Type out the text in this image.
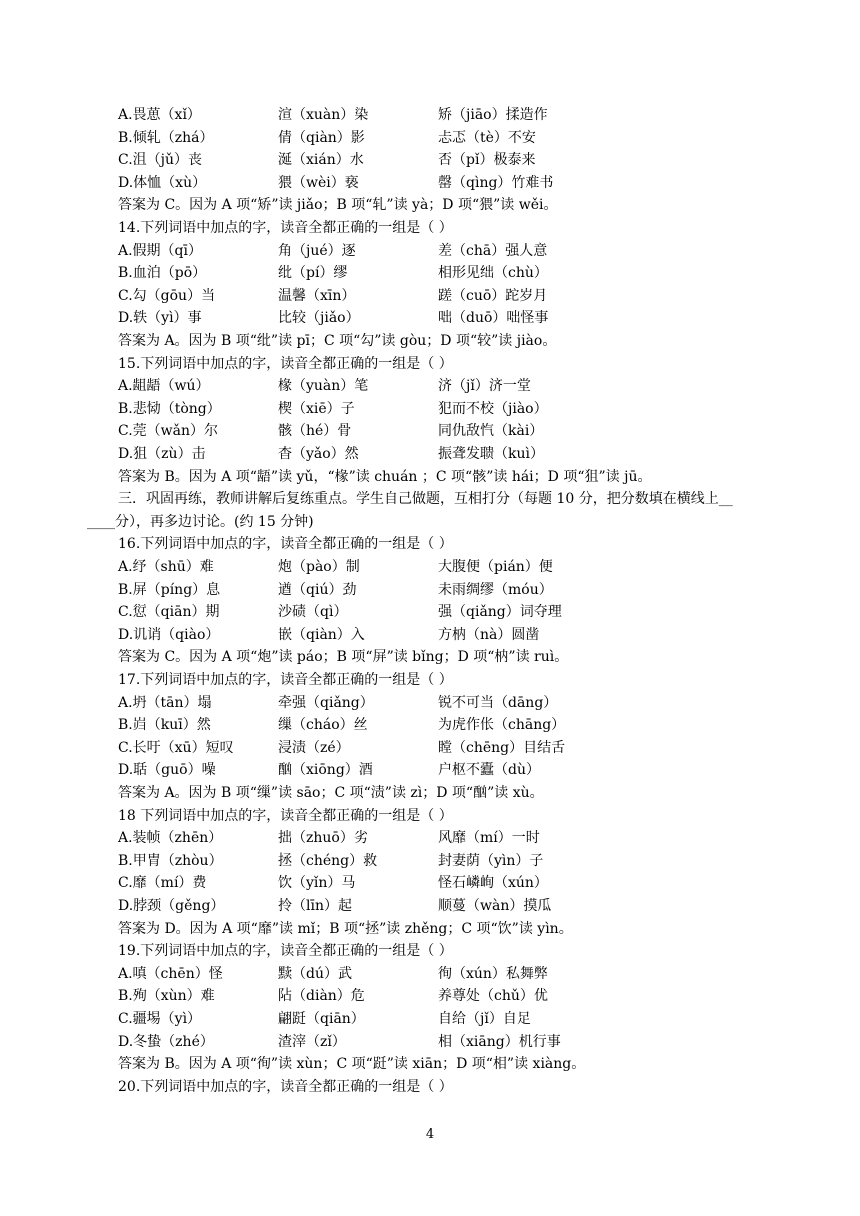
A.畏葸（xǐ）	渲（xuàn）染	矫（jiāo）揉造作
B.倾轧（zhá）	倩（qiàn）影	忐忑（tè）不安
C.沮（jǔ）丧	涎（xián）水	否（pǐ）极泰来
D.体恤（xù）	猥（wèi）亵	罄（qìng）竹难书
答案为 C。因为 A 项“矫”读 jiǎo；B 项“轧”读 yà；D 项“猥”读 wěi。
14.下列词语中加点的字，读音全都正确的一组是（ ）
A.假期（qī）	角（jué）逐	差（chā）强人意
B.血泊（pō）	纰（pí）缪	相形见绌（chù）
C.勾（gōu）当	温馨（xīn）	蹉（cuō）跎岁月
D.轶（yì）事	比较（jiǎo）	咄（duō）咄怪事
答案为 A。因为 B 项“纰”读 pī；C 项“勾”读 gòu；D 项“较”读 jiào。
15.下列词语中加点的字，读音全都正确的一组是（ ）
A.龃龉（wú）	椽（yuàn）笔	济（jǐ）济一堂
B.悲恸（tòng）	楔（xiē）子	犯而不校（jiào）
C.莞（wǎn）尔	骸（hé）骨	同仇敌忾（kài）
D.狙（zù）击	杳（yǎo）然	振聋发聩（kuì）
答案为 B。因为 A 项“龉”读 yǔ，“椽”读 chuán ；C 项“骸”读 hái；D 项“狙”读 jū。
三．巩固再练，教师讲解后复练重点。学生自己做题，互相打分（每题 10 分，把分数填在横线上__
____分），再多边讨论。(约 15 分钟)
16.下列词语中加点的字，读音全都正确的一组是（ ）
A.纾（shū）难	炮（pào）制	大腹便（pián）便
B.屏（píng）息	遒（qiú）劲	未雨绸缪（móu）
C.愆（qiān）期	沙碛（qì）	强（qiǎng）词夺理
D.讥诮（qiào）	嵌（qiàn）入	方枘（nà）圆凿
答案为 C。因为 A 项“炮”读 páo；B 项“屏”读 bǐng；D 项“枘”读 ruì。
17.下列词语中加点的字，读音全都正确的一组是（ ）
A.坍（tān）塌	牵强（qiǎng）	锐不可当（dāng）
B.岿（kuī）然	缫（cháo）丝	为虎作伥（chāng）
C.长吁（xū）短叹	浸渍（zé）	瞠（chēng）目结舌
D.聒（guō）噪	酗（xiōng）酒	户枢不蠹（dù）
答案为 A。因为 B 项“缫”读 sāo；C 项“渍”读 zì；D 项“酗”读 xù。
18 下列词语中加点的字，读音全都正确的一组是（ ）
A.装帧（zhēn）	拙（zhuō）劣	风靡（mí）一时
B.甲胄（zhòu）	拯（chéng）救	封妻荫（yìn）子
C.靡（mí）费	饮（yǐn）马	怪石嶙峋（xún）
D.脖颈（gěng）	拎（līn）起	顺蔓（wàn）摸瓜
答案为 D。因为 A 项“靡”读 mǐ；B 项“拯”读 zhěng；C 项“饮”读 yìn。
19.下列词语中加点的字，读音全都正确的一组是（ ）
A.嗔（chēn）怪	黩（dú）武	徇（xún）私舞弊
B.殉（xùn）难	阽（diàn）危	养尊处（chǔ）优
C.疆埸（yì）	翩跹（qiān）	自给（jǐ）自足
D.冬蛰（zhé）	渣滓（zǐ）	相（xiāng）机行事
答案为 B。因为 A 项“徇”读 xùn；C 项“跹”读 xiān；D 项“相”读 xiàng。
20.下列词语中加点的字，读音全都正确的一组是（ ）
4
